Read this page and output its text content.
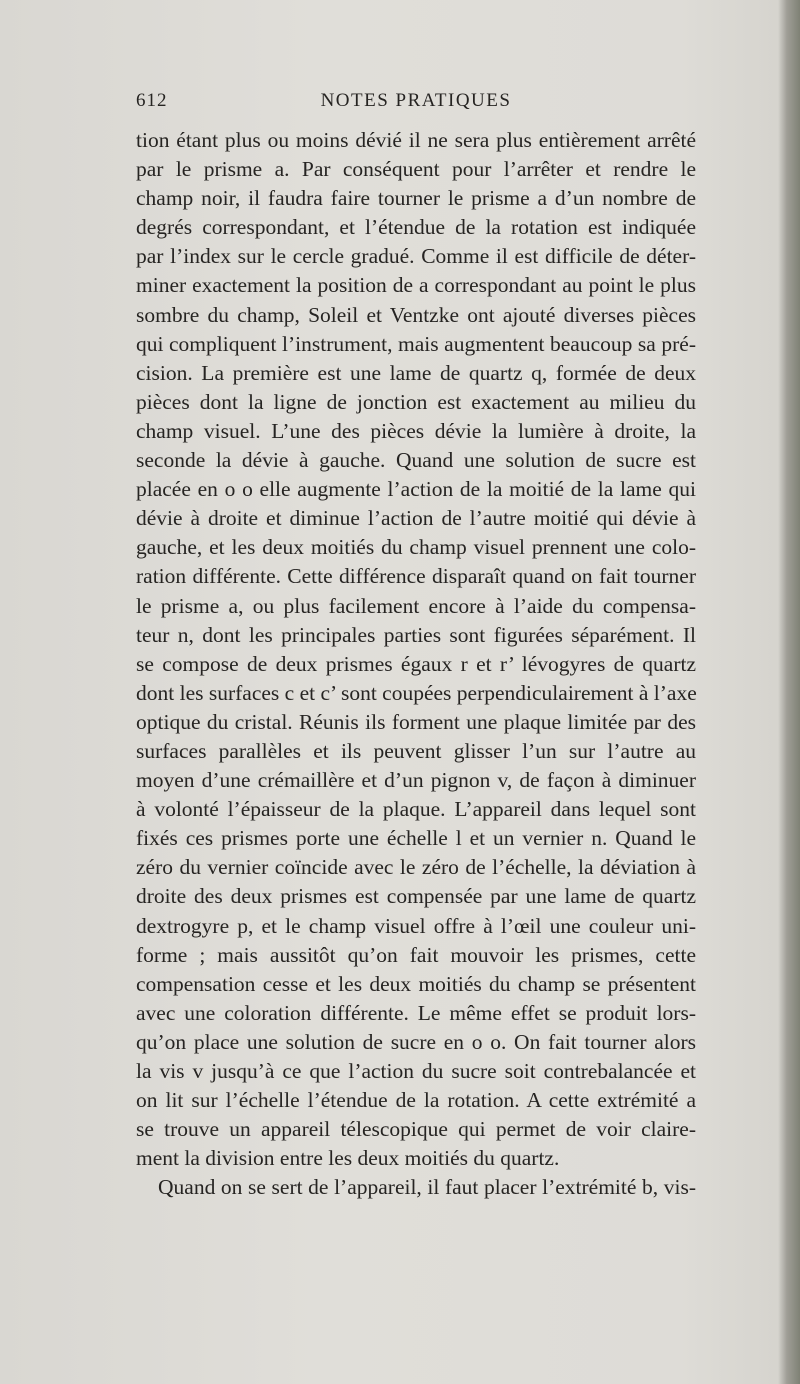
612	NOTES PRATIQUES
tion étant plus ou moins dévié il ne sera plus entièrement arrêté
par le prisme a. Par conséquent pour l’arrêter et rendre le
champ noir, il faudra faire tourner le prisme a d’un nombre de
degrés correspondant, et l’étendue de la rotation est indiquée
par l’index sur le cercle gradué. Comme il est difficile de déter-
miner exactement la position de a correspondant au point le plus
sombre du champ, Soleil et Ventzke ont ajouté diverses pièces
qui compliquent l’instrument, mais augmentent beaucoup sa pré-
cision. La première est une lame de quartz q, formée de deux
pièces dont la ligne de jonction est exactement au milieu du
champ visuel. L’une des pièces dévie la lumière à droite, la
seconde la dévie à gauche. Quand une solution de sucre est
placée en o o elle augmente l’action de la moitié de la lame qui
dévie à droite et diminue l’action de l’autre moitié qui dévie à
gauche, et les deux moitiés du champ visuel prennent une colo-
ration différente. Cette différence disparaît quand on fait tourner
le prisme a, ou plus facilement encore à l’aide du compensa-
teur n, dont les principales parties sont figurées séparément. Il
se compose de deux prismes égaux r et r’ lévogyres de quartz
dont les surfaces c et c’ sont coupées perpendiculairement à l’axe
optique du cristal. Réunis ils forment une plaque limitée par des
surfaces parallèles et ils peuvent glisser l’un sur l’autre au
moyen d’une crémaillère et d’un pignon v, de façon à diminuer
à volonté l’épaisseur de la plaque. L’appareil dans lequel sont
fixés ces prismes porte une échelle l et un vernier n. Quand le
zéro du vernier coïncide avec le zéro de l’échelle, la déviation à
droite des deux prismes est compensée par une lame de quartz
dextrogyre p, et le champ visuel offre à l’œil une couleur uni-
forme ; mais aussitôt qu’on fait mouvoir les prismes, cette
compensation cesse et les deux moitiés du champ se présentent
avec une coloration différente. Le même effet se produit lors-
qu’on place une solution de sucre en o o. On fait tourner alors
la vis v jusqu’à ce que l’action du sucre soit contrebalancée et
on lit sur l’échelle l’étendue de la rotation. A cette extrémité a
se trouve un appareil télescopique qui permet de voir claire-
ment la division entre les deux moitiés du quartz.
Quand on se sert de l’appareil, il faut placer l’extrémité b, vis-
